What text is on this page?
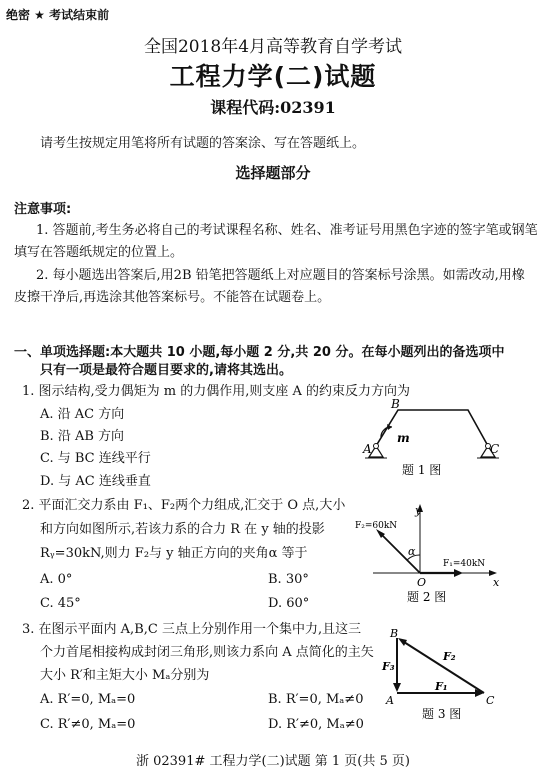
绝密 ★ 考试结束前
全国2018年4月高等教育自学考试
工程力学(二)试题
课程代码:02391
请考生按规定用笔将所有试题的答案涂、写在答题纸上。
选择题部分
注意事项:
1. 答题前,考生务必将自己的考试课程名称、姓名、准考证号用黑色字迹的签字笔或钢笔
填写在答题纸规定的位置上。
2. 每小题选出答案后,用2B 铅笔把答题纸上对应题目的答案标号涂黑。如需改动,用橡
皮擦干净后,再选涂其他答案标号。不能答在试题卷上。
一、单项选择题:本大题共 10 小题,每小题 2 分,共 20 分。在每小题列出的备选项中
只有一项是最符合题目要求的,请将其选出。
1. 图示结构,受力偶矩为 m 的力偶作用,则支座 A 的约束反力方向为
A. 沿 AC 方向
B. 沿 AB 方向
C. 与 BC 连线平行
D. 与 AC 连线垂直
A
B
C
m
题 1 图
2. 平面汇交力系由 F₁、F₂两个力组成,汇交于 O 点,大小
和方向如图所示,若该力系的合力 R 在 y 轴的投影
Rᵧ=30kN,则力 F₂与 y 轴正方向的夹角α 等于
A. 0°	B. 30°
C. 45°	D. 60°
y
x
O
α
F₁=40kN
F₂=60kN
题 2 图
3. 在图示平面内 A,B,C 三点上分别作用一个集中力,且这三
个力首尾相接构成封闭三角形,则该力系向 A 点简化的主矢
大小 R′和主矩大小 Mₐ分别为
A. R′=0, Mₐ=0	B. R′=0, Mₐ≠0
C. R′≠0, Mₐ=0	D. R′≠0, Mₐ≠0
B
A	C
F₃
F₂
F₁
题 3 图
浙 02391# 工程力学(二)试题 第 1 页(共 5 页)
